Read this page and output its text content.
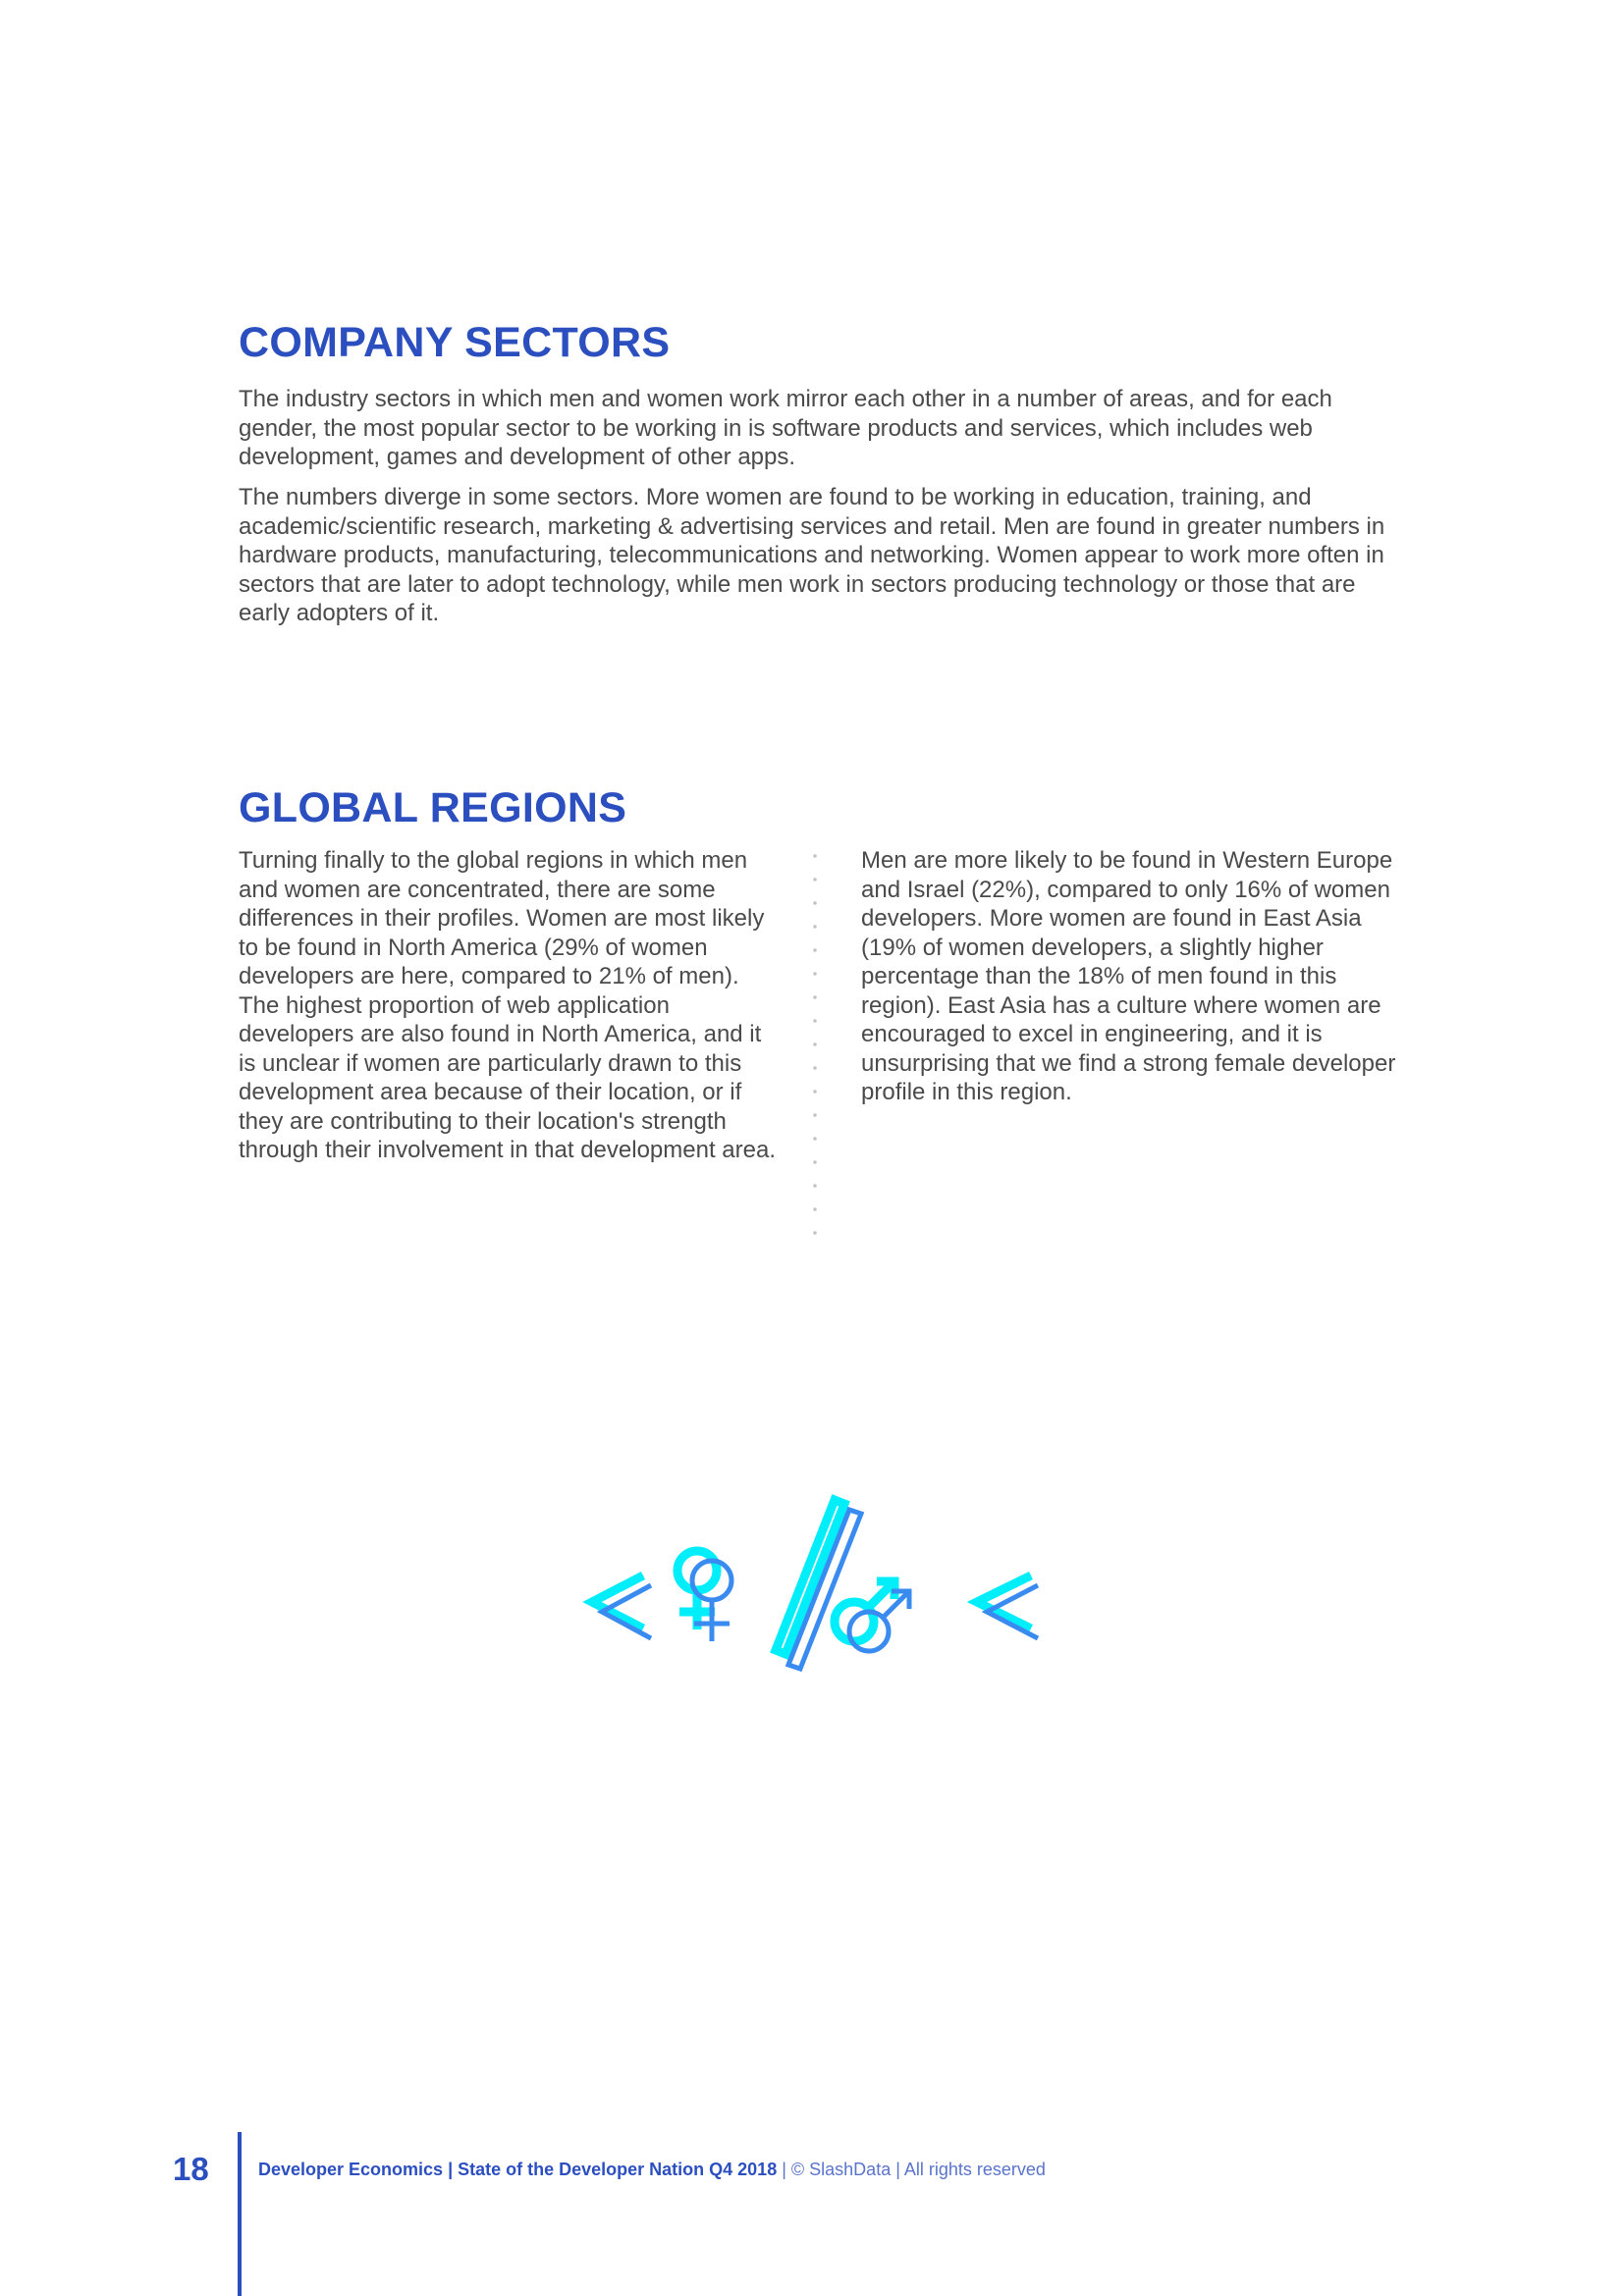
COMPANY SECTORS

The industry sectors in which men and women work mirror each other in a number of areas, and for each gender, the most popular sector to be working in is software products and services, which includes web development, games and development of other apps.

The numbers diverge in some sectors. More women are found to be working in education, training, and academic/scientific research, marketing & advertising services and retail. Men are found in greater numbers in hardware products, manufacturing, telecommunications and networking. Women appear to work more often in sectors that are later to adopt technology, while men work in sectors producing technology or those that are early adopters of it.

GLOBAL REGIONS

Turning finally to the global regions in which men and women are concentrated, there are some differences in their profiles. Women are most likely to be found in North America (29% of women developers are here, compared to 21% of men). The highest proportion of web application developers are also found in North America, and it is unclear if women are particularly drawn to this development area because of their location, or if they are contributing to their location's strength through their involvement in that development area.

Men are more likely to be found in Western Europe and Israel (22%), compared to only 16% of women developers. More women are found in East Asia (19% of women developers, a slightly higher percentage than the 18% of men found in this region). East Asia has a culture where women are encouraged to excel in engineering, and it is unsurprising that we find a strong female developer profile in this region.

18	Developer Economics | State of the Developer Nation Q4 2018 | © SlashData | All rights reserved
